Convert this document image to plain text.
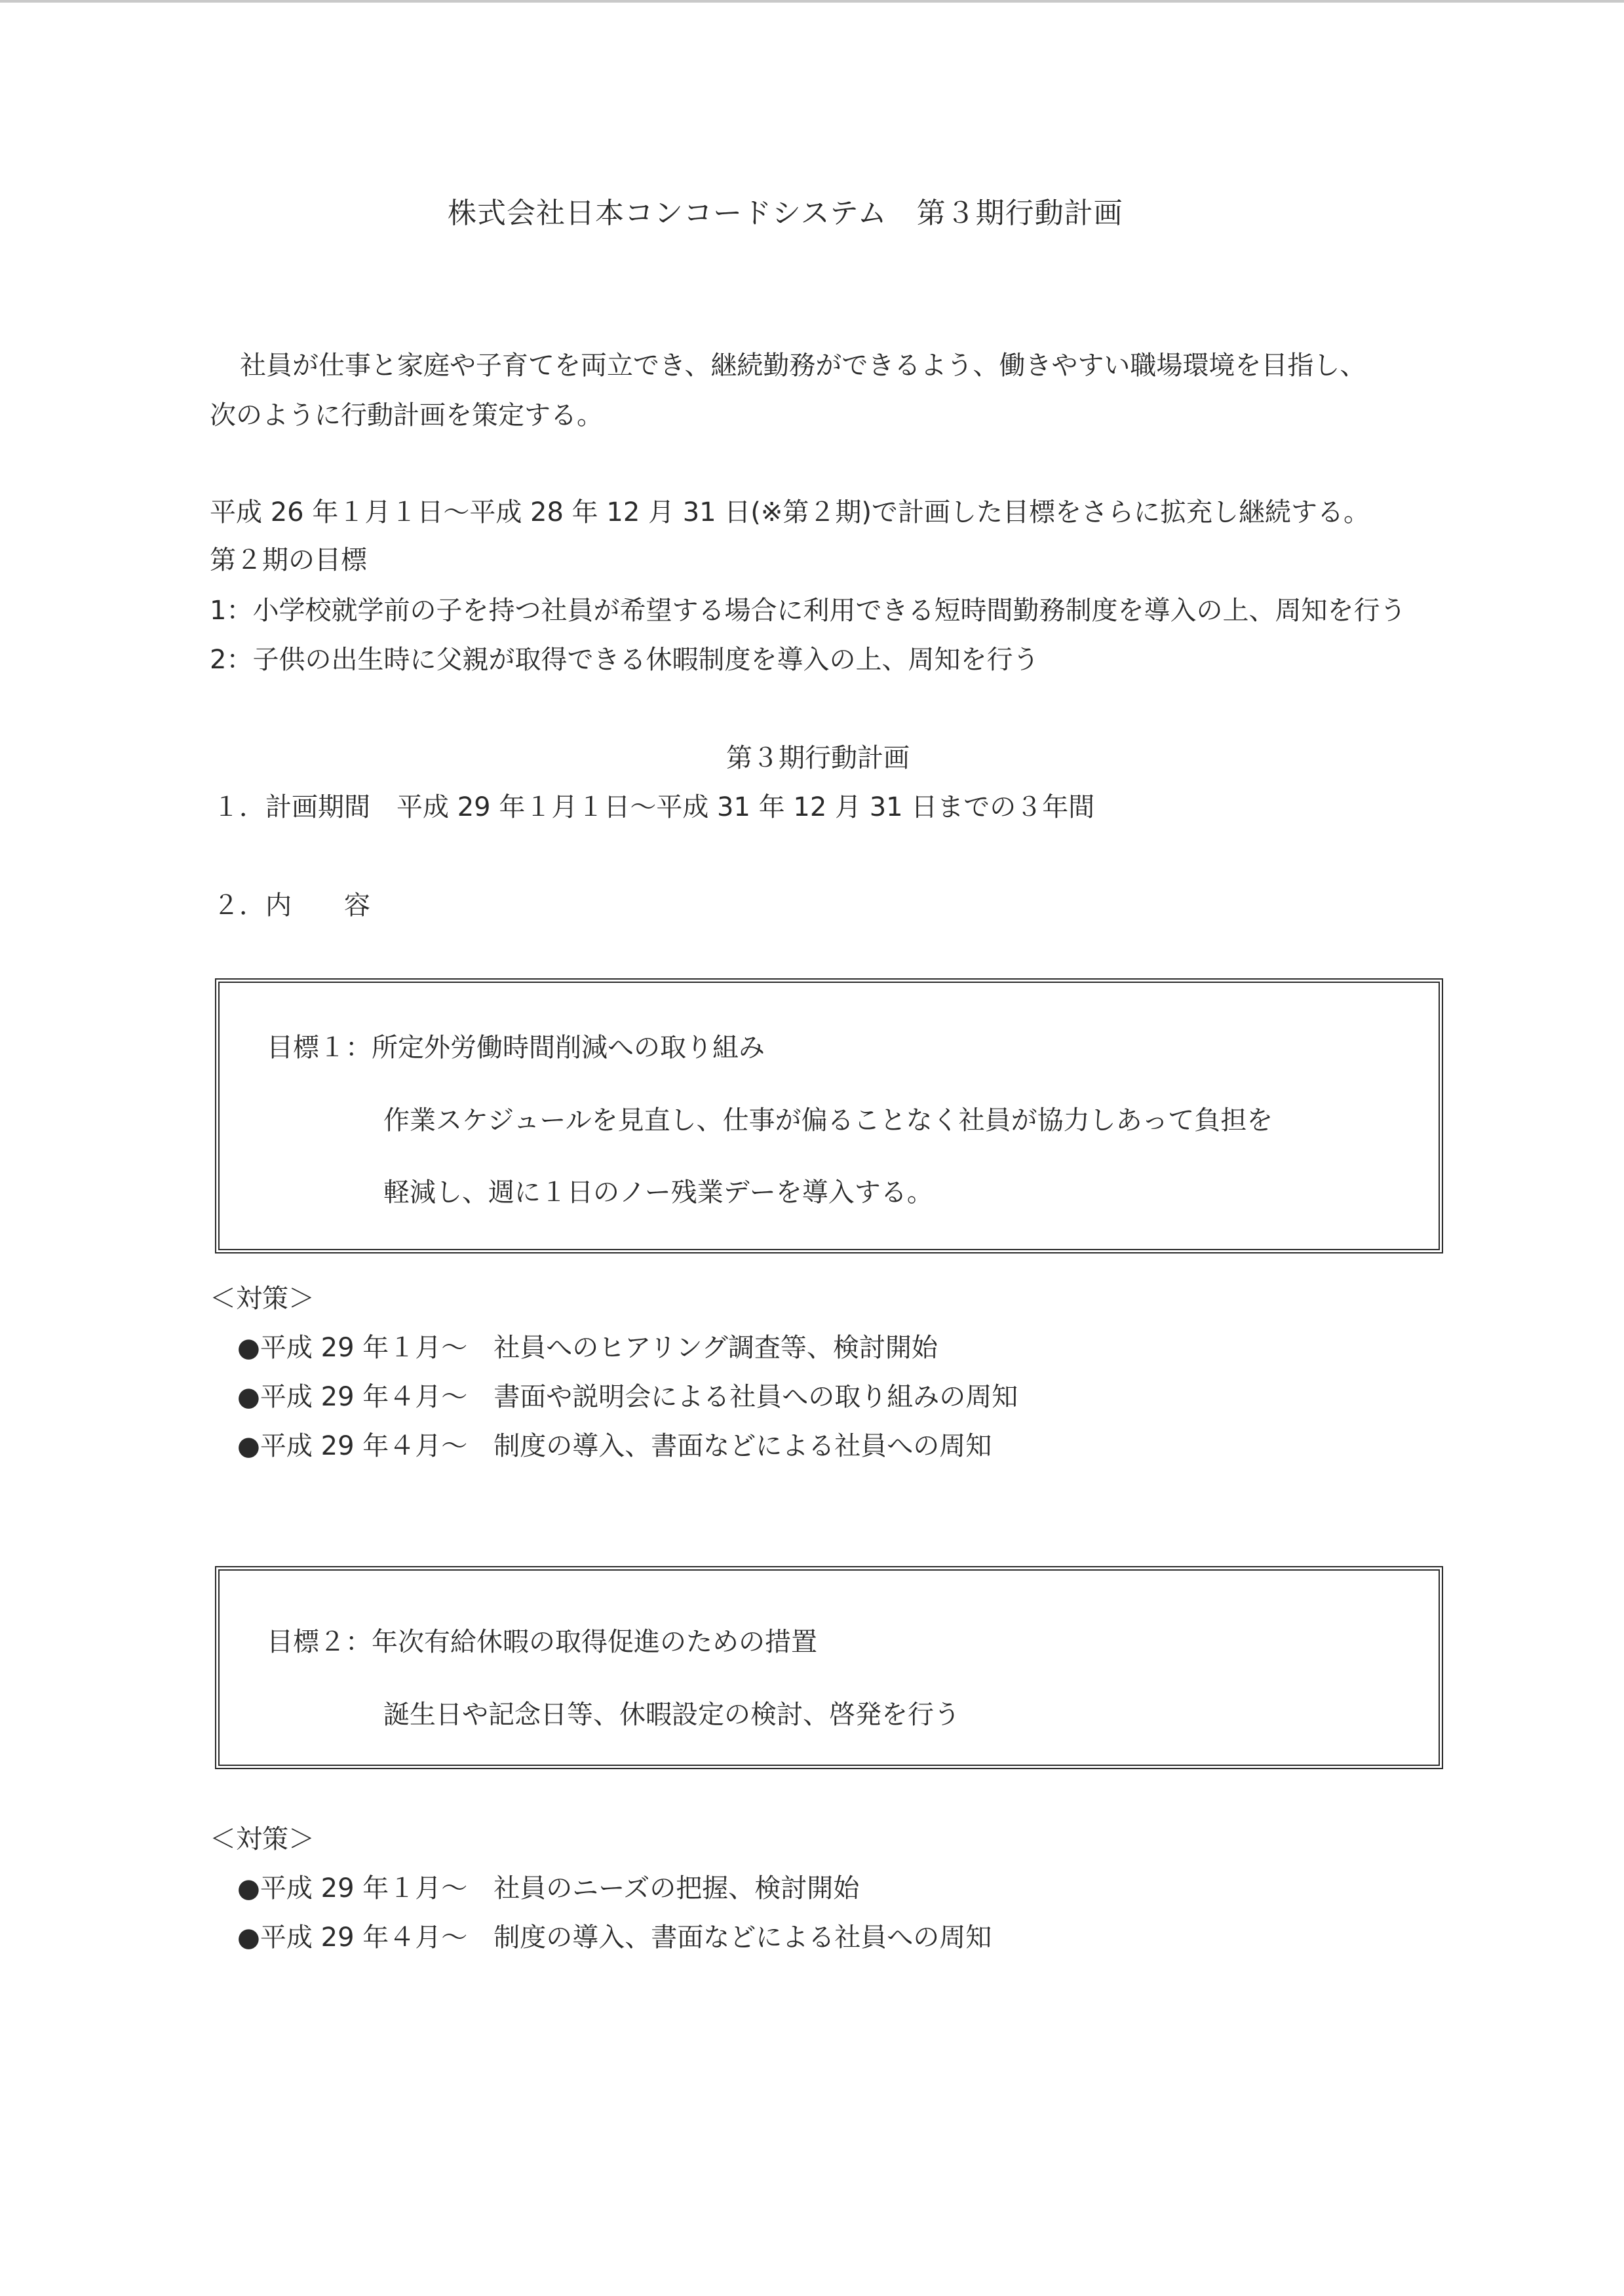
株式会社日本コンコードシステム　第３期行動計画
社員が仕事と家庭や子育てを両立でき、継続勤務ができるよう、働きやすい職場環境を目指し、
次のように行動計画を策定する。
平成 26 年１月１日～平成 28 年 12 月 31 日(※第２期)で計画した目標をさらに拡充し継続する。
第２期の目標
1：小学校就学前の子を持つ社員が希望する場合に利用できる短時間勤務制度を導入の上、周知を行う
2：子供の出生時に父親が取得できる休暇制度を導入の上、周知を行う
第３期行動計画
１．計画期間　平成 29 年１月１日～平成 31 年 12 月 31 日までの３年間
２．内　　容
目標１：所定外労働時間削減への取り組み
作業スケジュールを見直し、仕事が偏ることなく社員が協力しあって負担を
軽減し、週に１日のノー残業デーを導入する。
＜対策＞
●平成 29 年１月～　社員へのヒアリング調査等、検討開始
●平成 29 年４月～　書面や説明会による社員への取り組みの周知
●平成 29 年４月～　制度の導入、書面などによる社員への周知
目標２：年次有給休暇の取得促進のための措置
誕生日や記念日等、休暇設定の検討、啓発を行う
＜対策＞
●平成 29 年１月～　社員のニーズの把握、検討開始
●平成 29 年４月～　制度の導入、書面などによる社員への周知
